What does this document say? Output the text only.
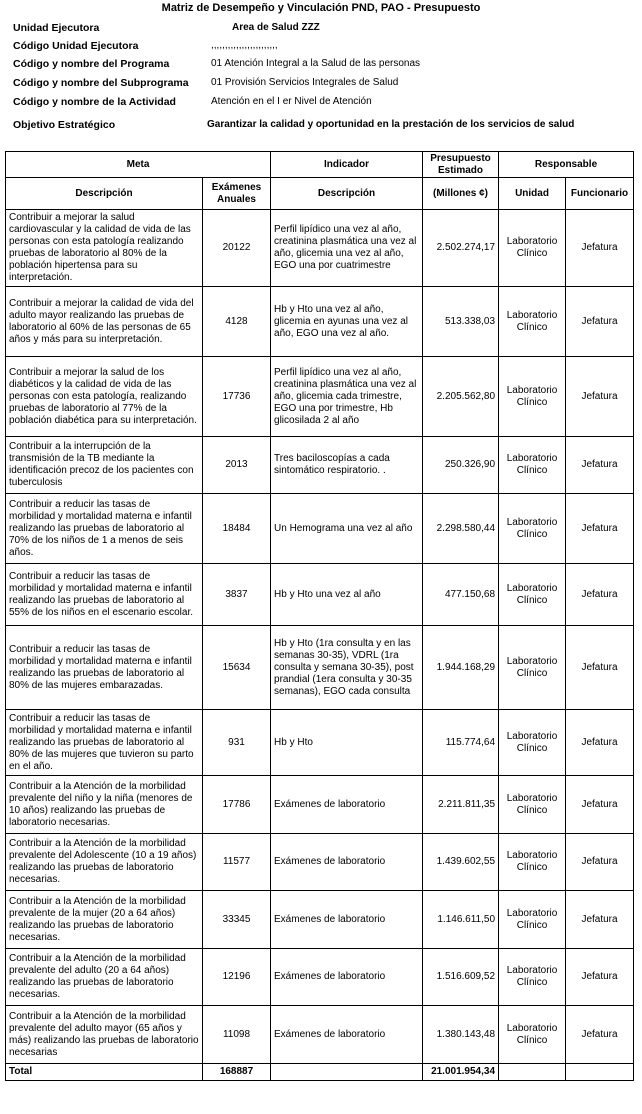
Matriz de Desempeño y Vinculación PND, PAO - Presupuesto
Unidad Ejecutora	Area de Salud ZZZ
Código Unidad Ejecutora	,,,,,,,,,,,,,,,,,,,,,,,,
Código y nombre del Programa	01 Atención Integral a la Salud de las personas
Código y nombre del Subprograma 01 Provisión Servicios Integrales de Salud
Código y nombre de la Actividad	Atención en el I er Nivel de Atención
Objetivo Estratégico	Garantizar la calidad y oportunidad en la prestación de los servicios de salud
Meta		Indicador	Presupuesto Estimado	Responsable	
Descripción	Exámenes Anuales	Descripción	(Millones ¢)	Unidad	Funcionario
Contribuir a mejorar la salud cardiovascular y la calidad de vida de las personas con esta patología realizando pruebas de laboratorio al 80% de la población hipertensa para su interpretación.	20122	Perfil lipídico una vez al año, creatinina plasmática una vez al año, glicemia una vez al año, EGO una por cuatrimestre	2.502.274,17	Laboratorio Clínico	Jefatura
Contribuir a mejorar la calidad de vida del adulto mayor realizando las pruebas de laboratorio al 60% de las personas de 65 años y más para su interpretación.	4128	Hb y Hto una vez al año, glicemia en ayunas una vez al año, EGO una vez al año.	513.338,03	Laboratorio Clínico	Jefatura
Contribuir a mejorar la salud de los diabéticos y la calidad de vida de las personas con esta patología, realizando pruebas de laboratorio al 77% de la población diabética para su interpretación.	17736	Perfil lipídico una vez al año, creatinina plasmática una vez al año, glicemia cada trimestre, EGO una por trimestre, Hb glicosilada 2 al año	2.205.562,80	Laboratorio Clínico	Jefatura
Contribuir a la interrupción de la transmisión de la TB mediante la identificación precoz de los pacientes con tuberculosis	2013	Tres baciloscopías a cada sintomático respiratorio. .	250.326,90	Laboratorio Clínico	Jefatura
Contribuir a reducir las tasas de morbilidad y mortalidad materna e infantil realizando las pruebas de laboratorio al 70% de los niños de 1 a menos de seis años.	18484	Un Hemograma una vez al año	2.298.580,44	Laboratorio Clínico	Jefatura
Contribuir a reducir las tasas de morbilidad y mortalidad materna e infantil realizando las pruebas de laboratorio al 55% de los niños en el escenario escolar.	3837	Hb y Hto una vez al año	477.150,68	Laboratorio Clínico	Jefatura
Contribuir a reducir las tasas de morbilidad y mortalidad materna e infantil realizando las pruebas de laboratorio al 80% de las mujeres embarazadas.	15634	Hb y Hto (1ra consulta y en las semanas 30-35), VDRL (1ra consulta y semana 30-35), post prandial (1era consulta y 30-35 semanas), EGO cada consulta	1.944.168,29	Laboratorio Clínico	Jefatura
Contribuir a reducir las tasas de morbilidad y mortalidad materna e infantil realizando las pruebas de laboratorio al 80% de las mujeres que tuvieron su parto en el año.	931	Hb y Hto	115.774,64	Laboratorio Clínico	Jefatura
Contribuir a la Atención de la morbilidad prevalente del niño y la niña (menores de 10 años) realizando las pruebas de laboratorio necesarias.	17786	Exámenes de laboratorio	2.211.811,35	Laboratorio Clínico	Jefatura
Contribuir a la Atención de la morbilidad prevalente del Adolescente (10 a 19 años) realizando las pruebas de laboratorio necesarias.	11577	Exámenes de laboratorio	1.439.602,55	Laboratorio Clínico	Jefatura
Contribuir a la Atención de la morbilidad prevalente de la mujer (20 a 64 años) realizando las pruebas de laboratorio necesarias.	33345	Exámenes de laboratorio	1.146.611,50	Laboratorio Clínico	Jefatura
Contribuir a la Atención de la morbilidad prevalente del adulto (20 a 64 años) realizando las pruebas de laboratorio necesarias.	12196	Exámenes de laboratorio	1.516.609,52	Laboratorio Clínico	Jefatura
Contribuir a la Atención de la morbilidad prevalente del adulto mayor (65 años y más) realizando las pruebas de laboratorio necesarias	11098	Exámenes de laboratorio	1.380.143,48	Laboratorio Clínico	Jefatura
Total	168887		21.001.954,34		
